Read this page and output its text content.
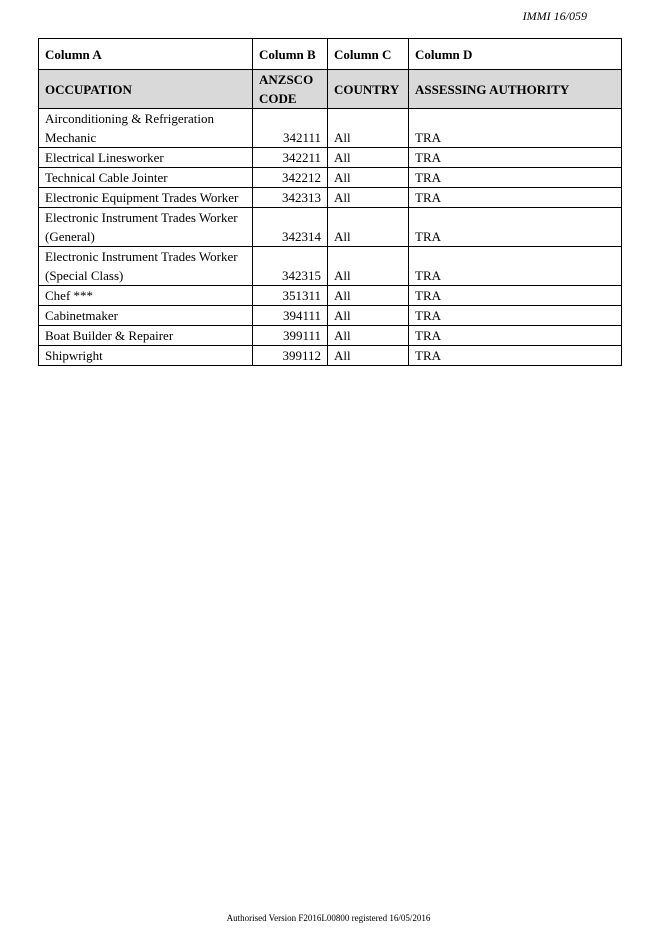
IMMI 16/059
Column A	Column B	Column C	Column D
OCCUPATION	ANZSCO CODE	COUNTRY	ASSESSING AUTHORITY
Airconditioning & Refrigeration Mechanic	342111	All	TRA
Electrical Linesworker	342211	All	TRA
Technical Cable Jointer	342212	All	TRA
Electronic Equipment Trades Worker	342313	All	TRA
Electronic Instrument Trades Worker (General)	342314	All	TRA
Electronic Instrument Trades Worker (Special Class)	342315	All	TRA
Chef ***	351311	All	TRA
Cabinetmaker	394111	All	TRA
Boat Builder & Repairer	399111	All	TRA
Shipwright	399112	All	TRA
Authorised Version F2016L00800 registered 16/05/2016
